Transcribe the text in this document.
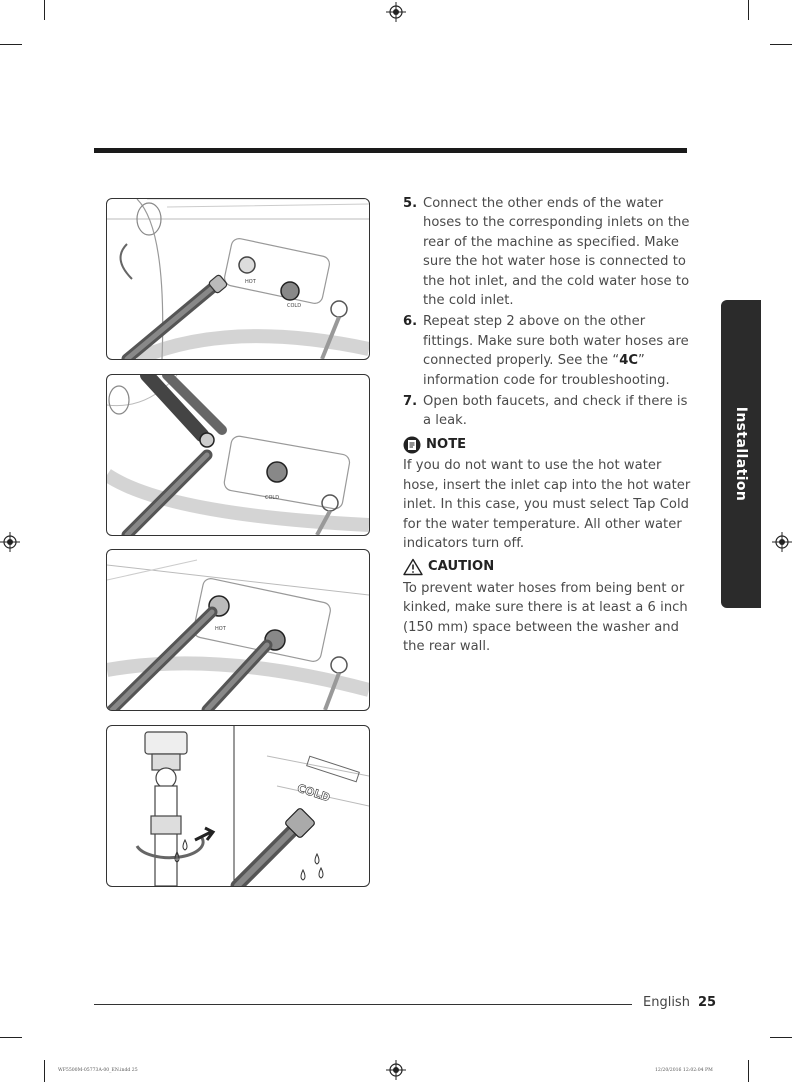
HOT
COLD
COLD
HOT
COLD
5. Connect the other ends of the water hoses to the corresponding inlets on the rear of the machine as specified. Make sure the hot water hose is connected to the hot inlet, and the cold water hose to the cold inlet.
6. Repeat step 2 above on the other fittings. Make sure both water hoses are connected properly. See the “4C” information code for troubleshooting.
7. Open both faucets, and check if there is a leak.
NOTE
If you do not want to use the hot water hose, insert the inlet cap into the hot water inlet. In this case, you must select Tap Cold for the water temperature. All other water indicators turn off.
CAUTION
To prevent water hoses from being bent or kinked, make sure there is at least a 6 inch (150 mm) space between the washer and the rear wall.
Installation
English 25
WF5500M-05773A-00_EN.indd 25	12/20/2016 12:02:04 PM
